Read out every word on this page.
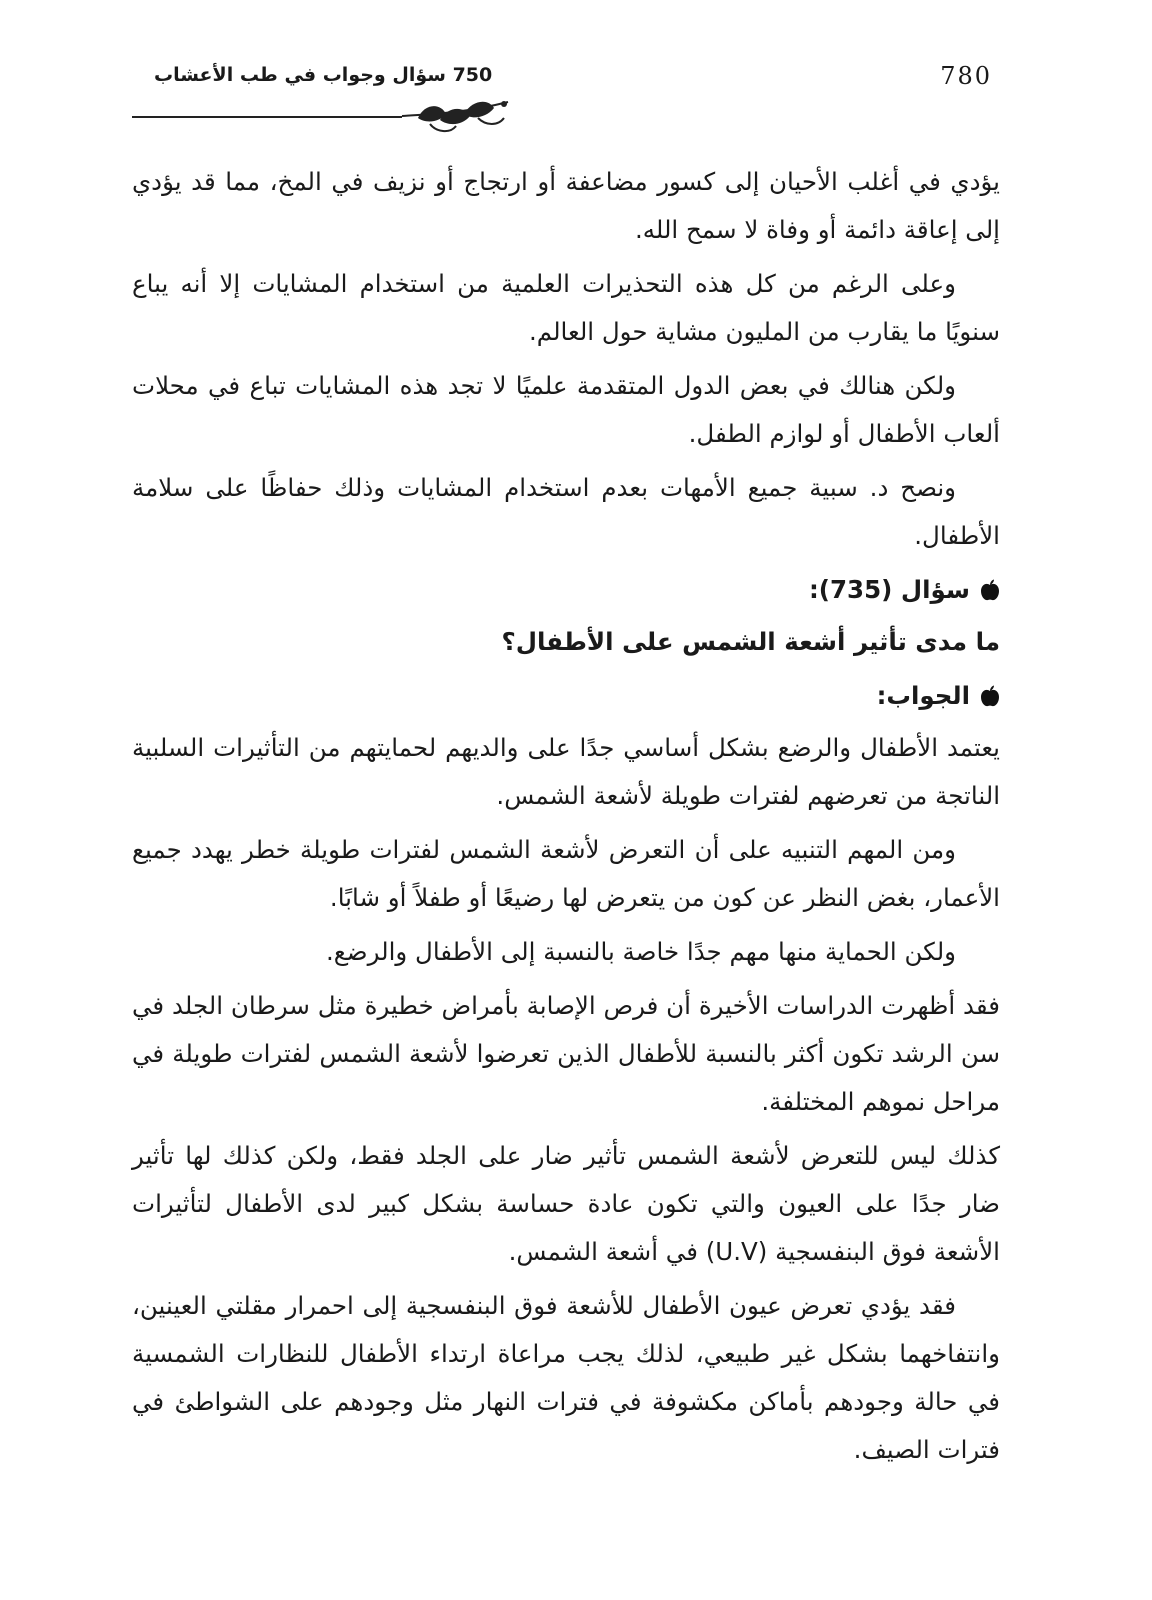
750 سؤال وجواب في طب الأعشاب	780

يؤدي في أغلب الأحيان إلى كسور مضاعفة أو ارتجاج أو نزيف في المخ، مما قد يؤدي إلى إعاقة دائمة أو وفاة لا سمح الله.

وعلى الرغم من كل هذه التحذيرات العلمية من استخدام المشايات إلا أنه يباع سنويًا ما يقارب من المليون مشاية حول العالم.

ولكن هنالك في بعض الدول المتقدمة علميًا لا تجد هذه المشايات تباع في محلات ألعاب الأطفال أو لوازم الطفل.

ونصح د. سبية جميع الأمهات بعدم استخدام المشايات وذلك حفاظًا على سلامة الأطفال.

سؤال (735):

ما مدى تأثير أشعة الشمس على الأطفال؟

الجواب:

يعتمد الأطفال والرضع بشكل أساسي جدًا على والديهم لحمايتهم من التأثيرات السلبية الناتجة من تعرضهم لفترات طويلة لأشعة الشمس.

ومن المهم التنبيه على أن التعرض لأشعة الشمس لفترات طويلة خطر يهدد جميع الأعمار، بغض النظر عن كون من يتعرض لها رضيعًا أو طفلاً أو شابًا.

ولكن الحماية منها مهم جدًا خاصة بالنسبة إلى الأطفال والرضع.

فقد أظهرت الدراسات الأخيرة أن فرص الإصابة بأمراض خطيرة مثل سرطان الجلد في سن الرشد تكون أكثر بالنسبة للأطفال الذين تعرضوا لأشعة الشمس لفترات طويلة في مراحل نموهم المختلفة.

كذلك ليس للتعرض لأشعة الشمس تأثير ضار على الجلد فقط، ولكن كذلك لها تأثير ضار جدًا على العيون والتي تكون عادة حساسة بشكل كبير لدى الأطفال لتأثيرات الأشعة فوق البنفسجية (U.V) في أشعة الشمس.

فقد يؤدي تعرض عيون الأطفال للأشعة فوق البنفسجية إلى احمرار مقلتي العينين، وانتفاخهما بشكل غير طبيعي، لذلك يجب مراعاة ارتداء الأطفال للنظارات الشمسية في حالة وجودهم بأماكن مكشوفة في فترات النهار مثل وجودهم على الشواطئ في فترات الصيف.
